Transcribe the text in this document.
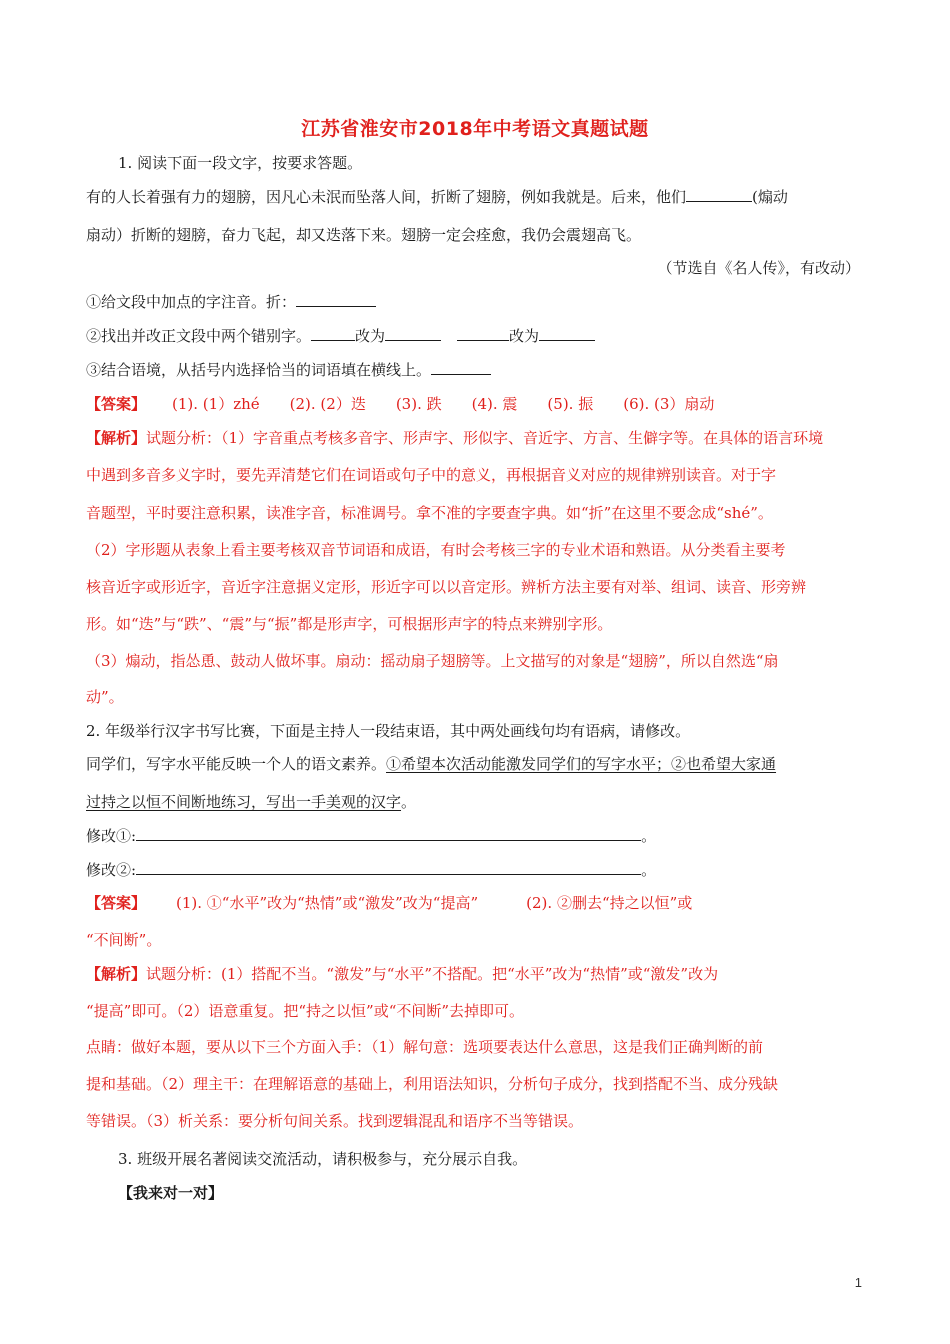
江苏省淮安市2018年中考语文真题试题
1. 阅读下面一段文字，按要求答题。
有的人长着强有力的翅膀，因凡心未泯而坠落人间，折断了翅膀，例如我就是。后来，他们	(煽动
扇动）折断的翅膀，奋力飞起，却又迭落下来。翅膀一定会痊愈，我仍会震翅高飞。
（节选自《名人传》，有改动）
①给文段中加点的字注音。折：
②找出并改正文段中两个错别字。	改为	改为
③结合语境，从括号内选择恰当的词语填在横线上。
【答案】 (1). (1）zhé (2). (2）迭 (3). 跌 (4). 震 (5). 振 (6). (3）扇动
【解析】试题分析：（1）字音重点考核多音字、形声字、形似字、音近字、方言、生僻字等。在具体的语言环境
中遇到多音多义字时，要先弄清楚它们在词语或句子中的意义，再根据音义对应的规律辨别读音。对于字
音题型，平时要注意积累，读准字音，标准调号。拿不准的字要查字典。如“折”在这里不要念成“shé”。
（2）字形题从表象上看主要考核双音节词语和成语，有时会考核三字的专业术语和熟语。从分类看主要考
核音近字或形近字，音近字注意据义定形，形近字可以以音定形。辨析方法主要有对举、组词、读音、形旁辨
形。如“迭”与“跌”、“震”与“振”都是形声字，可根据形声字的特点来辨别字形。
（3）煽动，指怂恿、鼓动人做坏事。扇动：摇动扇子翅膀等。上文描写的对象是“翅膀”，所以自然选“扇
动”。
2. 年级举行汉字书写比赛，下面是主持人一段结束语，其中两处画线句均有语病，请修改。
同学们，写字水平能反映一个人的语文素养。①希望本次活动能激发同学们的写字水平；②也希望大家通
过持之以恒不间断地练习，写出一手美观的汉字。
修改①:	。
修改②:	。
【答案】 (1). ①“水平”改为“热情”或“激发”改为“提高”	(2). ②删去“持之以恒”或
“不间断”。
【解析】试题分析：(1）搭配不当。“激发”与“水平”不搭配。把“水平”改为“热情”或“激发”改为
“提高”即可。（2）语意重复。把“持之以恒”或“不间断”去掉即可。
点睛：做好本题，要从以下三个方面入手：（1）解句意：选项要表达什么意思，这是我们正确判断的前
提和基础。（2）理主干：在理解语意的基础上，利用语法知识，分析句子成分，找到搭配不当、成分残缺
等错误。（3）析关系：要分析句间关系。找到逻辑混乱和语序不当等错误。
3. 班级开展名著阅读交流活动，请积极参与，充分展示自我。
【我来对一对】
1
